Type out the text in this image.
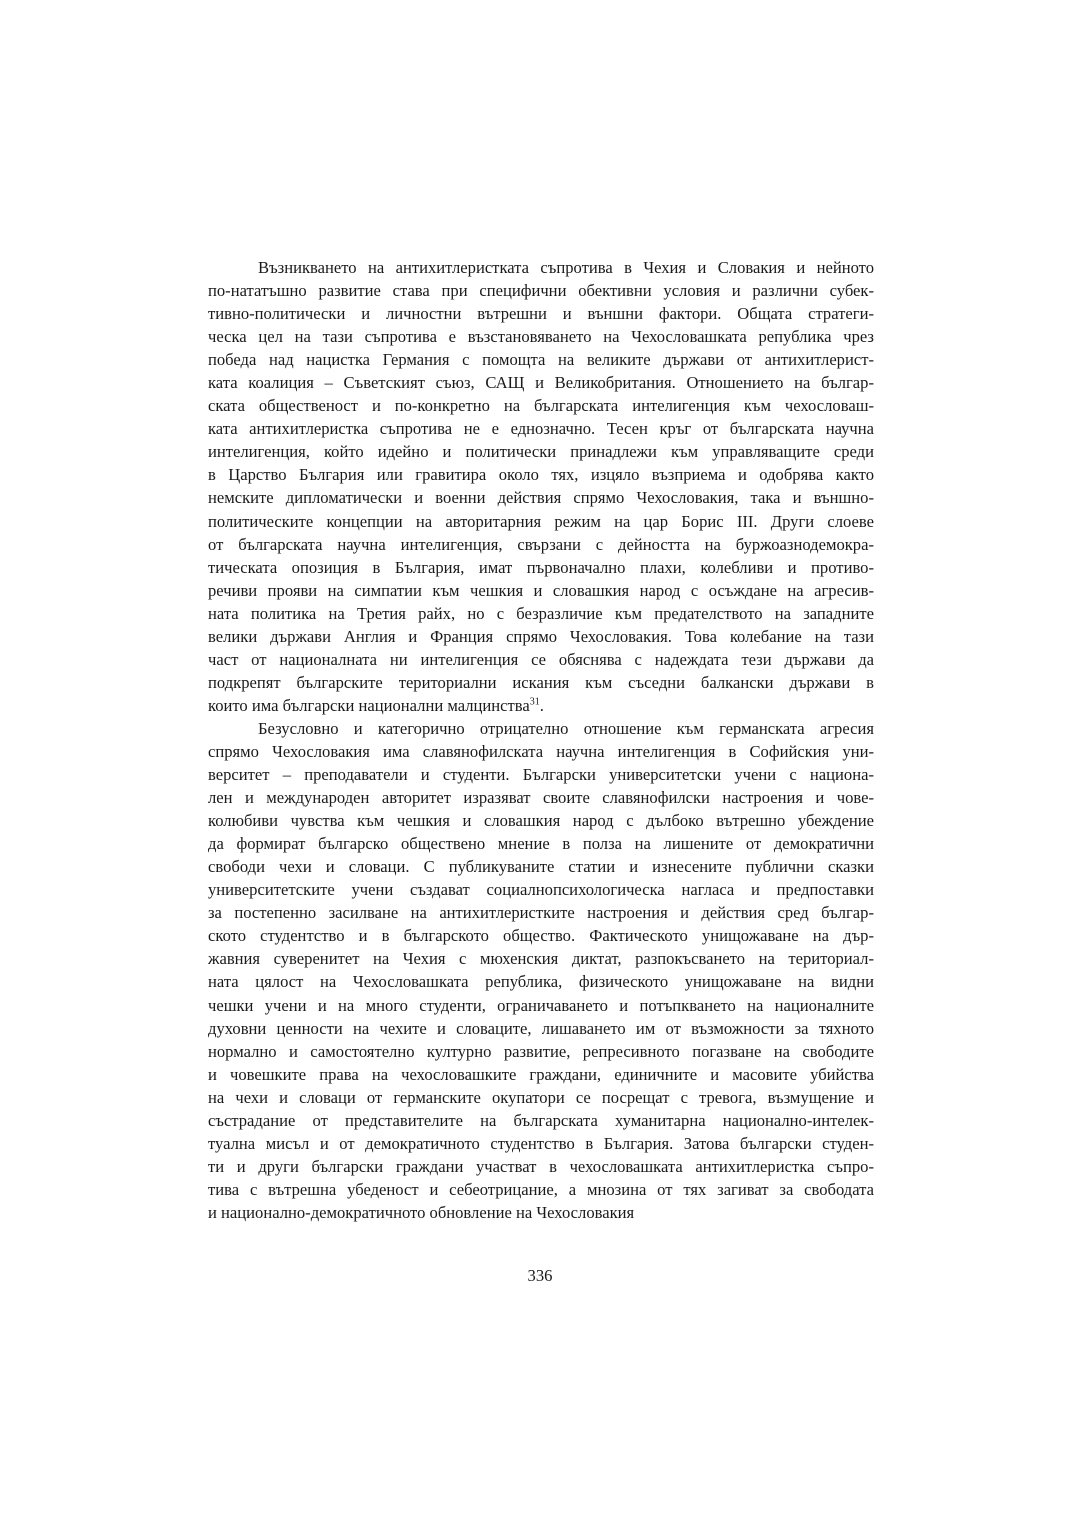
Възникването на антихитлеристката съпротива в Чехия и Словакия и нейното
по-нататъшно развитие става при специфични обективни условия и различни субек-
тивно-политически и личностни вътрешни и външни фактори. Общата стратеги-
ческа цел на тази съпротива е възстановяването на Чехословашката република чрез
победа над нацистка Германия с помощта на великите държави от антихитлерист-
ката коалиция – Съветският съюз, САЩ и Великобритания. Отношението на българ-
ската общественост и по-конкретно на българската интелигенция към чехословаш-
ката антихитлеристка съпротива не е еднозначно. Тесен кръг от българската научна
интелигенция, който идейно и политически принадлежи към управляващите среди
в Царство България или гравитира около тях, изцяло възприема и одобрява както
немските дипломатически и военни действия спрямо Чехословакия, така и външно-
политическите концепции на авторитарния режим на цар Борис III. Други слоеве
от българската научна интелигенция, свързани с дейността на буржоазнодемокра-
тическата опозиция в България, имат първоначално плахи, колебливи и противо-
речиви прояви на симпатии към чешкия и словашкия народ с осъждане на агресив-
ната политика на Третия райх, но с безразличие към предателството на западните
велики държави Англия и Франция спрямо Чехословакия. Това колебание на тази
част от националната ни интелигенция се обяснява с надеждата тези държави да
подкрепят българските териториални искания към съседни балкански държави в
които има български национални малцинства$^{31}$.
Безусловно и категорично отрицателно отношение към германската агресия
спрямо Чехословакия има славянофилската научна интелигенция в Софийския уни-
верситет – преподаватели и студенти. Български университетски учени с национа-
лен и международен авторитет изразяват своите славянофилски настроения и чове-
колюбиви чувства към чешкия и словашкия народ с дълбоко вътрешно убеждение
да формират българско обществено мнение в полза на лишените от демократични
свободи чехи и словаци. С публикуваните статии и изнесените публични сказки
университетските учени създават социалнопсихологическа нагласа и предпоставки
за постепенно засилване на антихитлеристките настроения и действия сред българ-
ското студентство и в българското общество. Фактическото унищожаване на дър-
жавния суверенитет на Чехия с мюхенския диктат, разпокъсването на териториал-
ната цялост на Чехословашката република, физическото унищожаване на видни
чешки учени и на много студенти, ограничаването и потъпкването на националните
духовни ценности на чехите и словаците, лишаването им от възможности за тяхното
нормално и самостоятелно културно развитие, репресивното погазване на свободите
и човешките права на чехословашките граждани, единичните и масовите убийства
на чехи и словаци от германските окупатори се посрещат с тревога, възмущение и
състрадание от представителите на българската хуманитарна национално-интелек-
туална мисъл и от демократичното студентство в България. Затова български студен-
ти и други български граждани участват в чехословашката антихитлеристка съпро-
тива с вътрешна убеденост и себеотрицание, а мнозина от тях загиват за свободата
и национално-демократичното обновление на Чехословакия
336
